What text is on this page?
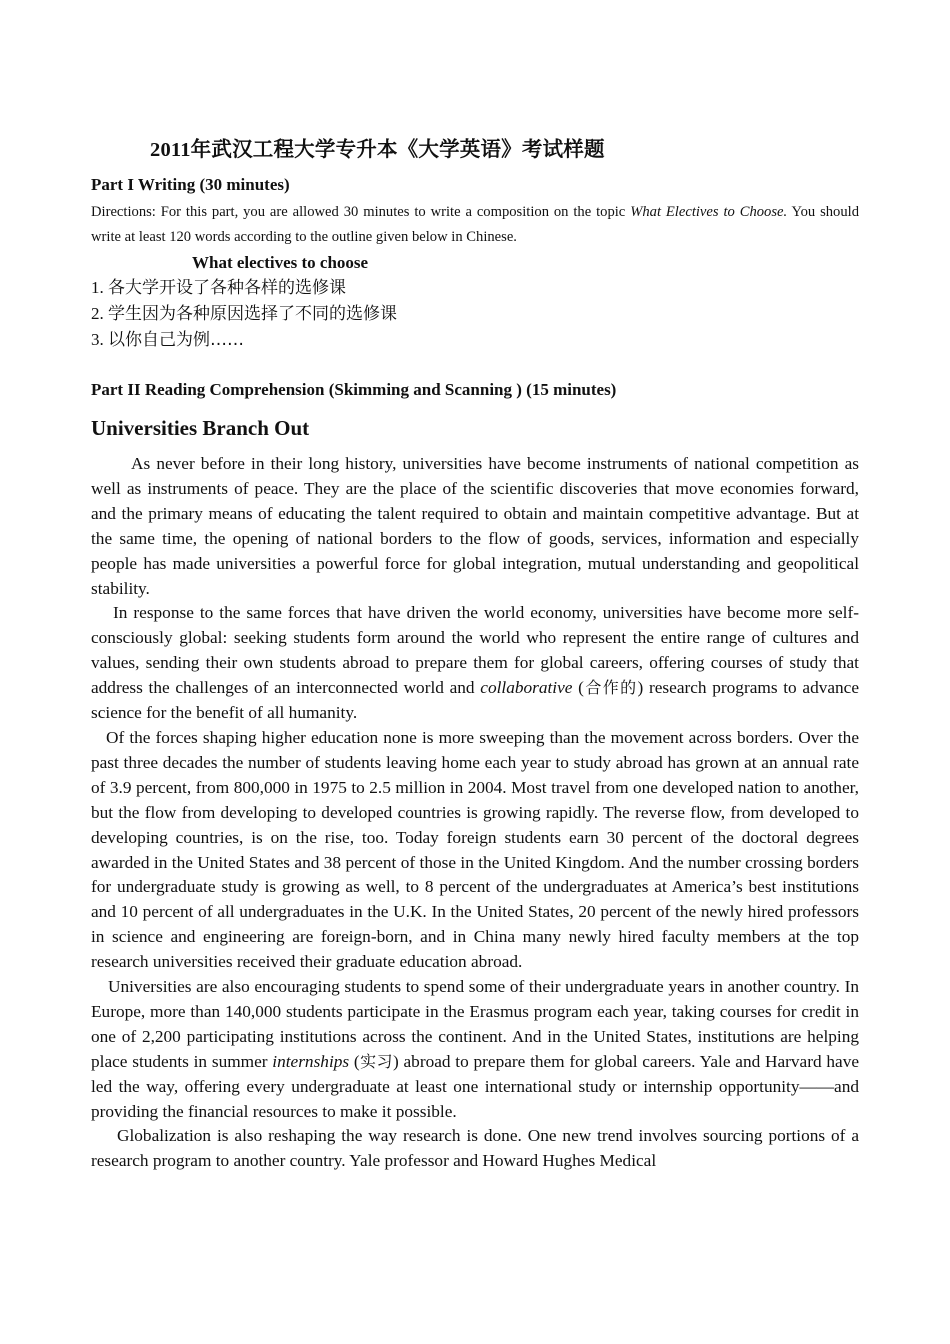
2011年武汉工程大学专升本《大学英语》考试样题
Part I Writing (30 minutes)

Directions: For this part, you are allowed 30 minutes to write a composition on the topic What Electives to Choose. You should write at least 120 words according to the outline given below in Chinese.

What electives to choose
1. 各大学开设了各种各样的选修课
2. 学生因为各种原因选择了不同的选修课
3. 以你自己为例……
Part II Reading Comprehension (Skimming and Scanning ) (15 minutes)
Universities Branch Out

As never before in their long history, universities have become instruments of national competition as well as instruments of peace. They are the place of the scientific discoveries that move economies forward, and the primary means of educating the talent required to obtain and maintain competitive advantage. But at the same time, the opening of national borders to the flow of goods, services, information and especially people has made universities a powerful force for global integration, mutual understanding and geopolitical stability.

In response to the same forces that have driven the world economy, universities have become more self-consciously global: seeking students form around the world who represent the entire range of cultures and values, sending their own students abroad to prepare them for global careers, offering courses of study that address the challenges of an interconnected world and collaborative (合作的) research programs to advance science for the benefit of all humanity.

Of the forces shaping higher education none is more sweeping than the movement across borders. Over the past three decades the number of students leaving home each year to study abroad has grown at an annual rate of 3.9 percent, from 800,000 in 1975 to 2.5 million in 2004. Most travel from one developed nation to another, but the flow from developing to developed countries is growing rapidly. The reverse flow, from developed to developing countries, is on the rise, too. Today foreign students earn 30 percent of the doctoral degrees awarded in the United States and 38 percent of those in the United Kingdom. And the number crossing borders for undergraduate study is growing as well, to 8 percent of the undergraduates at America’s best institutions and 10 percent of all undergraduates in the U.K. In the United States, 20 percent of the newly hired professors in science and engineering are foreign-born, and in China many newly hired faculty members at the top research universities received their graduate education abroad.

Universities are also encouraging students to spend some of their undergraduate years in another country. In Europe, more than 140,000 students participate in the Erasmus program each year, taking courses for credit in one of 2,200 participating institutions across the continent. And in the United States, institutions are helping place students in summer internships (实习) abroad to prepare them for global careers. Yale and Harvard have led the way, offering every undergraduate at least one international study or internship opportunity——and providing the financial resources to make it possible.

Globalization is also reshaping the way research is done. One new trend involves sourcing portions of a research program to another country. Yale professor and Howard Hughes Medical
